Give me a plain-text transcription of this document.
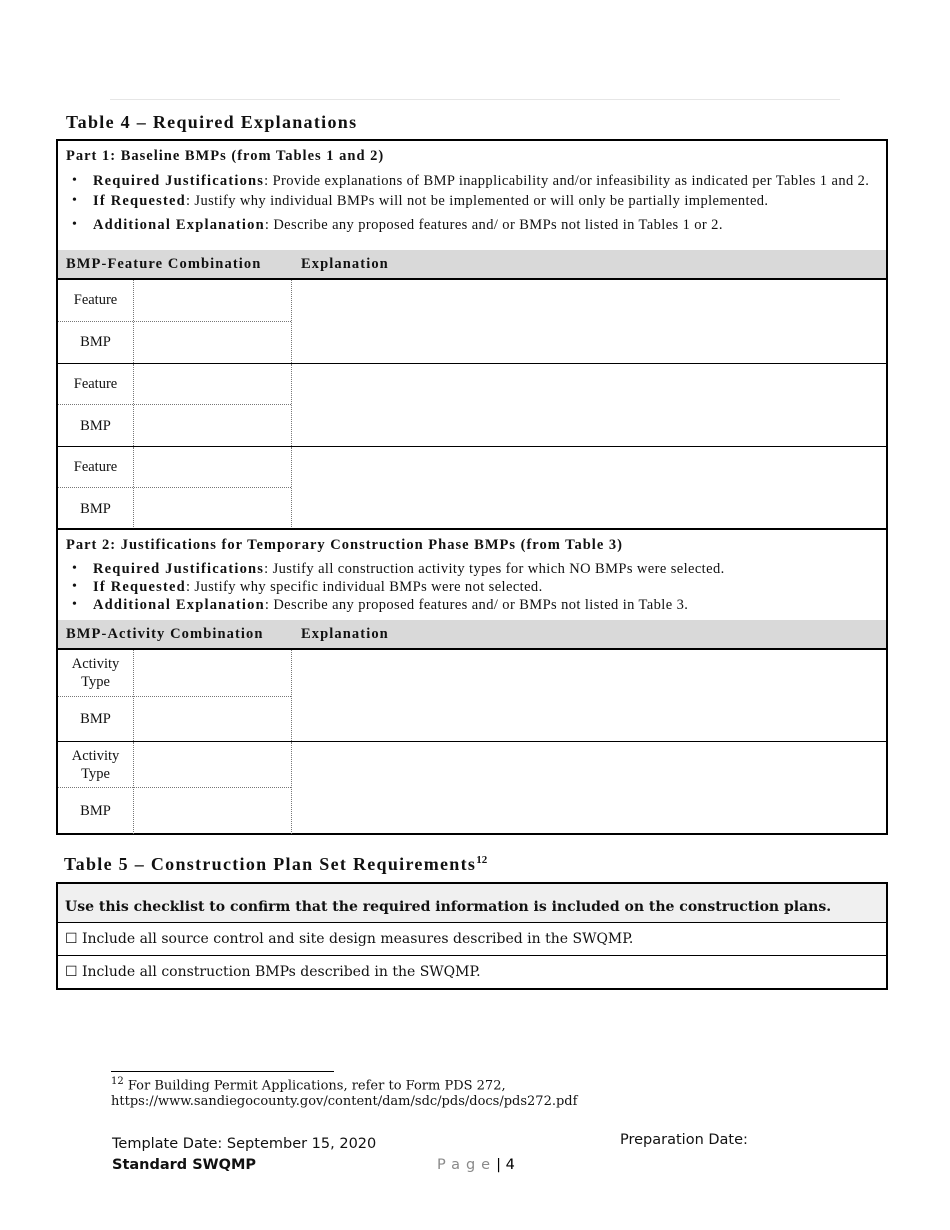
Table 4 – Required Explanations
Part 1: Baseline BMPs (from Tables 1 and 2)
• Required Justifications: Provide explanations of BMP inapplicability and/or infeasibility as indicated per Tables 1 and 2.
• If Requested: Justify why individual BMPs will not be implemented or will only be partially implemented.
• Additional Explanation: Describe any proposed features and/ or BMPs not listed in Tables 1 or 2.
BMP-Feature Combination	Explanation
Feature
BMP
Feature
BMP
Feature
BMP
Part 2: Justifications for Temporary Construction Phase BMPs (from Table 3)
• Required Justifications: Justify all construction activity types for which NO BMPs were selected.
• If Requested: Justify why specific individual BMPs were not selected.
• Additional Explanation: Describe any proposed features and/ or BMPs not listed in Table 3.
BMP-Activity Combination	Explanation
Activity Type
BMP
Activity Type
BMP
Table 5 – Construction Plan Set Requirements$^{12}$
Use this checklist to confirm that the required information is included on the construction plans.
☐ Include all source control and site design measures described in the SWQMP.
☐ Include all construction BMPs described in the SWQMP.
$^{12}$ For Building Permit Applications, refer to Form PDS 272,
https://www.sandiegocounty.gov/content/dam/sdc/pds/docs/pds272.pdf
Template Date: September 15, 2020
Standard SWQMP	Page| 4
Preparation Date:
